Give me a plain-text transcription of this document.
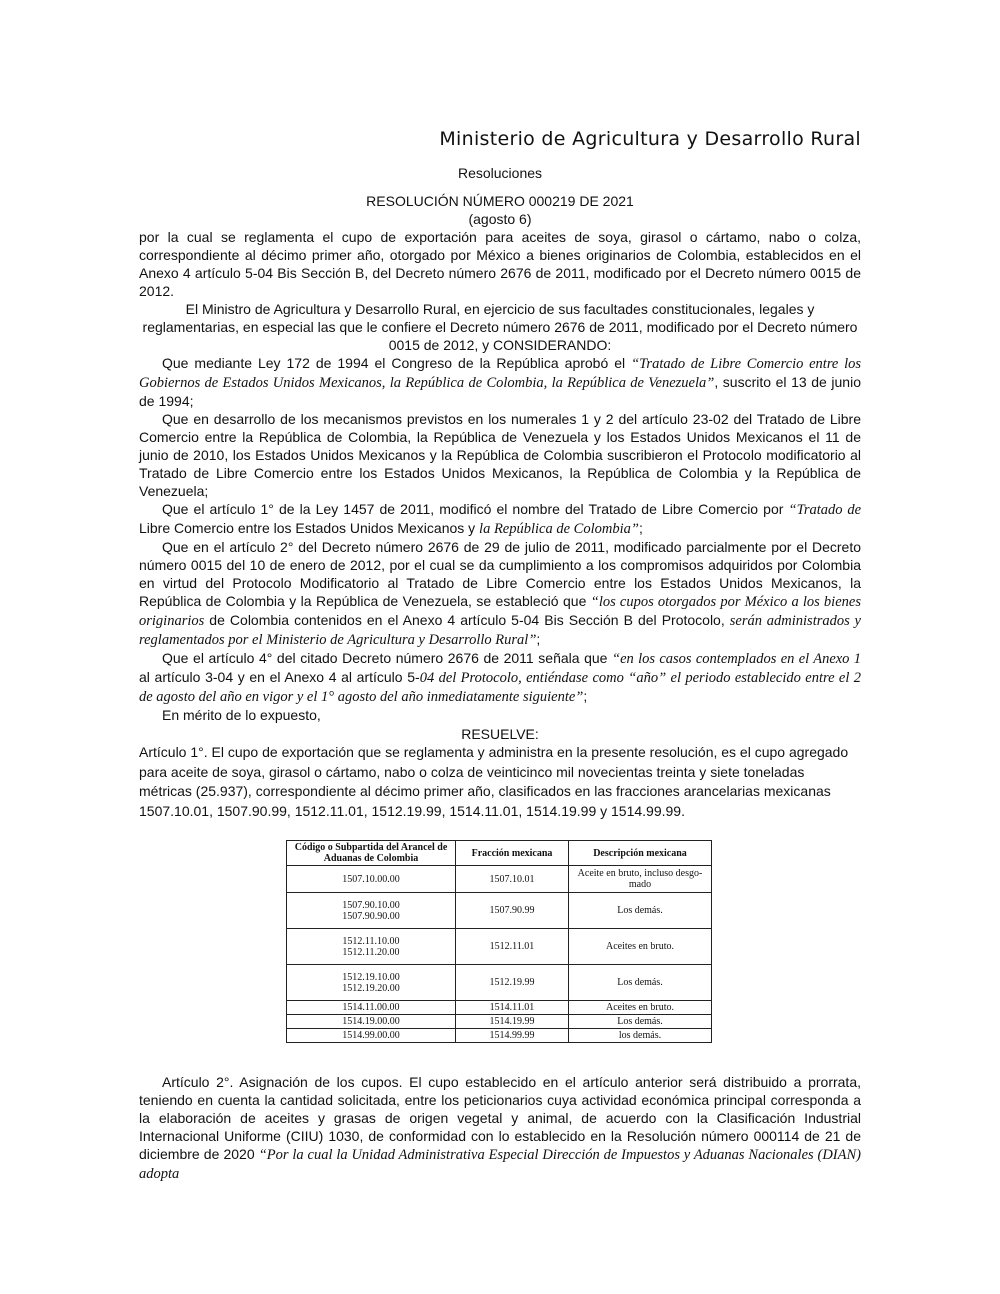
Ministerio de Agricultura y Desarrollo Rural
Resoluciones
RESOLUCIÓN NÚMERO 000219 DE 2021
(agosto 6)

por la cual se reglamenta el cupo de exportación para aceites de soya, girasol o cártamo, nabo o colza, correspondiente al décimo primer año, otorgado por México a bienes originarios de Colombia, establecidos en el Anexo 4 artículo 5-04 Bis Sección B, del Decreto número 2676 de 2011, modificado por el Decreto número 0015 de 2012.

El Ministro de Agricultura y Desarrollo Rural, en ejercicio de sus facultades constitucionales, legales y reglamentarias, en especial las que le confiere el Decreto número 2676 de 2011, modificado por el Decreto número 0015 de 2012, y CONSIDERANDO:

Que mediante Ley 172 de 1994 el Congreso de la República aprobó el “Tratado de Libre Comercio entre los Gobiernos de Estados Unidos Mexicanos, la República de Colombia, la República de Venezuela”, suscrito el 13 de junio de 1994;

Que en desarrollo de los mecanismos previstos en los numerales 1 y 2 del artículo 23-02 del Tratado de Libre Comercio entre la República de Colombia, la República de Venezuela y los Estados Unidos Mexicanos el 11 de junio de 2010, los Estados Unidos Mexicanos y la República de Colombia suscribieron el Protocolo modificatorio al Tratado de Libre Comercio entre los Estados Unidos Mexicanos, la República de Colombia y la República de Venezuela;

Que el artículo 1° de la Ley 1457 de 2011, modificó el nombre del Tratado de Libre Comercio por “Tratado de Libre Comercio entre los Estados Unidos Mexicanos y la República de Colombia”;

Que en el artículo 2° del Decreto número 2676 de 29 de julio de 2011, modificado parcialmente por el Decreto número 0015 del 10 de enero de 2012, por el cual se da cumplimiento a los compromisos adquiridos por Colombia en virtud del Protocolo Modificatorio al Tratado de Libre Comercio entre los Estados Unidos Mexicanos, la República de Colombia y la República de Venezuela, se estableció que “los cupos otorgados por México a los bienes originarios de Colombia contenidos en el Anexo 4 artículo 5-04 Bis Sección B del Protocolo, serán administrados y reglamentados por el Ministerio de Agricultura y Desarrollo Rural”;

Que el artículo 4° del citado Decreto número 2676 de 2011 señala que “en los casos contemplados en el Anexo 1 al artículo 3-04 y en el Anexo 4 al artículo 5-04 del Protocolo, entiéndase como “año” el periodo establecido entre el 2 de agosto del año en vigor y el 1° agosto del año inmediatamente siguiente”;

En mérito de lo expuesto,

RESUELVE:

Artículo 1°. El cupo de exportación que se reglamenta y administra en la presente resolución, es el cupo agregado para aceite de soya, girasol o cártamo, nabo o colza de veinticinco mil novecientas treinta y siete toneladas métricas (25.937), correspondiente al décimo primer año, clasificados en las fracciones arancelarias mexicanas 1507.10.01, 1507.90.99, 1512.11.01, 1512.19.99, 1514.11.01, 1514.19.99 y 1514.99.99.

Código o Subpartida del Arancel de Aduanas de Colombia	Fracción mexicana	Descripción mexicana
1507.10.00.00	1507.10.01	Aceite en bruto, incluso desgo-mado
1507.90.10.00
1507.90.90.00	1507.90.99	Los demás.
1512.11.10.00
1512.11.20.00	1512.11.01	Aceites en bruto.
1512.19.10.00
1512.19.20.00	1512.19.99	Los demás.
1514.11.00.00	1514.11.01	Aceites en bruto.
1514.19.00.00	1514.19.99	Los demás.
1514.99.00.00	1514.99.99	los demás.

Artículo 2°. Asignación de los cupos. El cupo establecido en el artículo anterior será distribuido a prorrata, teniendo en cuenta la cantidad solicitada, entre los peticionarios cuya actividad económica principal corresponda a la elaboración de aceites y grasas de origen vegetal y animal, de acuerdo con la Clasificación Industrial Internacional Uniforme (CIIU) 1030, de conformidad con lo establecido en la Resolución número 000114 de 21 de diciembre de 2020 “Por la cual la Unidad Administrativa Especial Dirección de Impuestos y Aduanas Nacionales (DIAN) adopta
